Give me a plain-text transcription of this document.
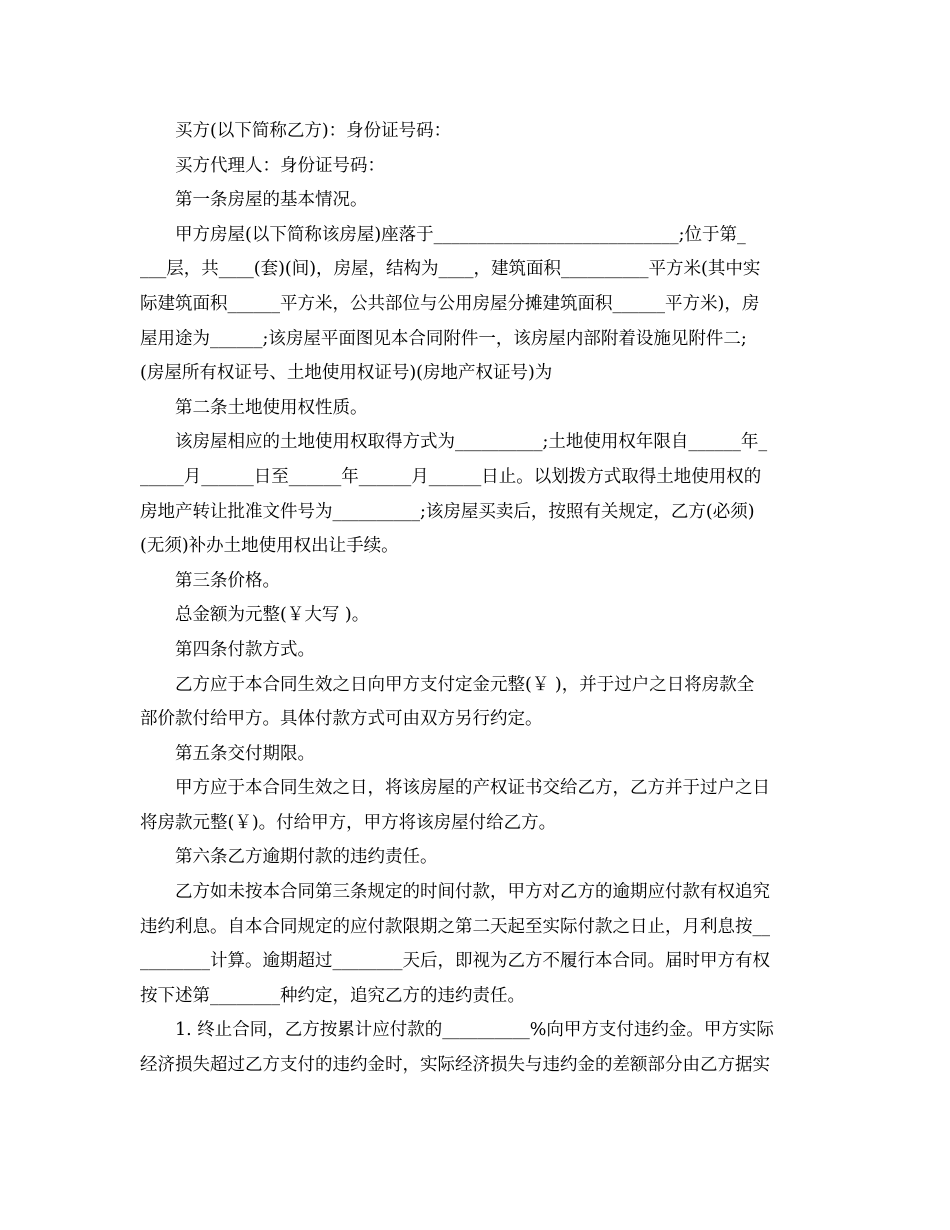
买方(以下简称乙方)：身份证号码：
买方代理人：身份证号码：
第一条房屋的基本情况。
甲方房屋(以下简称该房屋)座落于____________________________;位于第_
___层，共____(套)(间)，房屋，结构为____，建筑面积__________平方米(其中实
际建筑面积______平方米，公共部位与公用房屋分摊建筑面积______平方米)，房
屋用途为______;该房屋平面图见本合同附件一，该房屋内部附着设施见附件二;
(房屋所有权证号、土地使用权证号)(房地产权证号)为
第二条土地使用权性质。
该房屋相应的土地使用权取得方式为__________;土地使用权年限自______年_
_____月______日至______年______月______日止。以划拨方式取得土地使用权的
房地产转让批准文件号为__________;该房屋买卖后，按照有关规定，乙方(必须)
(无须)补办土地使用权出让手续。
第三条价格。
总金额为元整(￥大写 )。
第四条付款方式。
乙方应于本合同生效之日向甲方支付定金元整(￥ )，并于过户之日将房款全
部价款付给甲方。具体付款方式可由双方另行约定。
第五条交付期限。
甲方应于本合同生效之日，将该房屋的产权证书交给乙方，乙方并于过户之日
将房款元整(￥)。付给甲方，甲方将该房屋付给乙方。
第六条乙方逾期付款的违约责任。
乙方如未按本合同第三条规定的时间付款，甲方对乙方的逾期应付款有权追究
违约利息。自本合同规定的应付款限期之第二天起至实际付款之日止，月利息按__
________计算。逾期超过________天后，即视为乙方不履行本合同。届时甲方有权
按下述第________种约定，追究乙方的违约责任。
1. 终止合同，乙方按累计应付款的__________%向甲方支付违约金。甲方实际
经济损失超过乙方支付的违约金时，实际经济损失与违约金的差额部分由乙方据实
